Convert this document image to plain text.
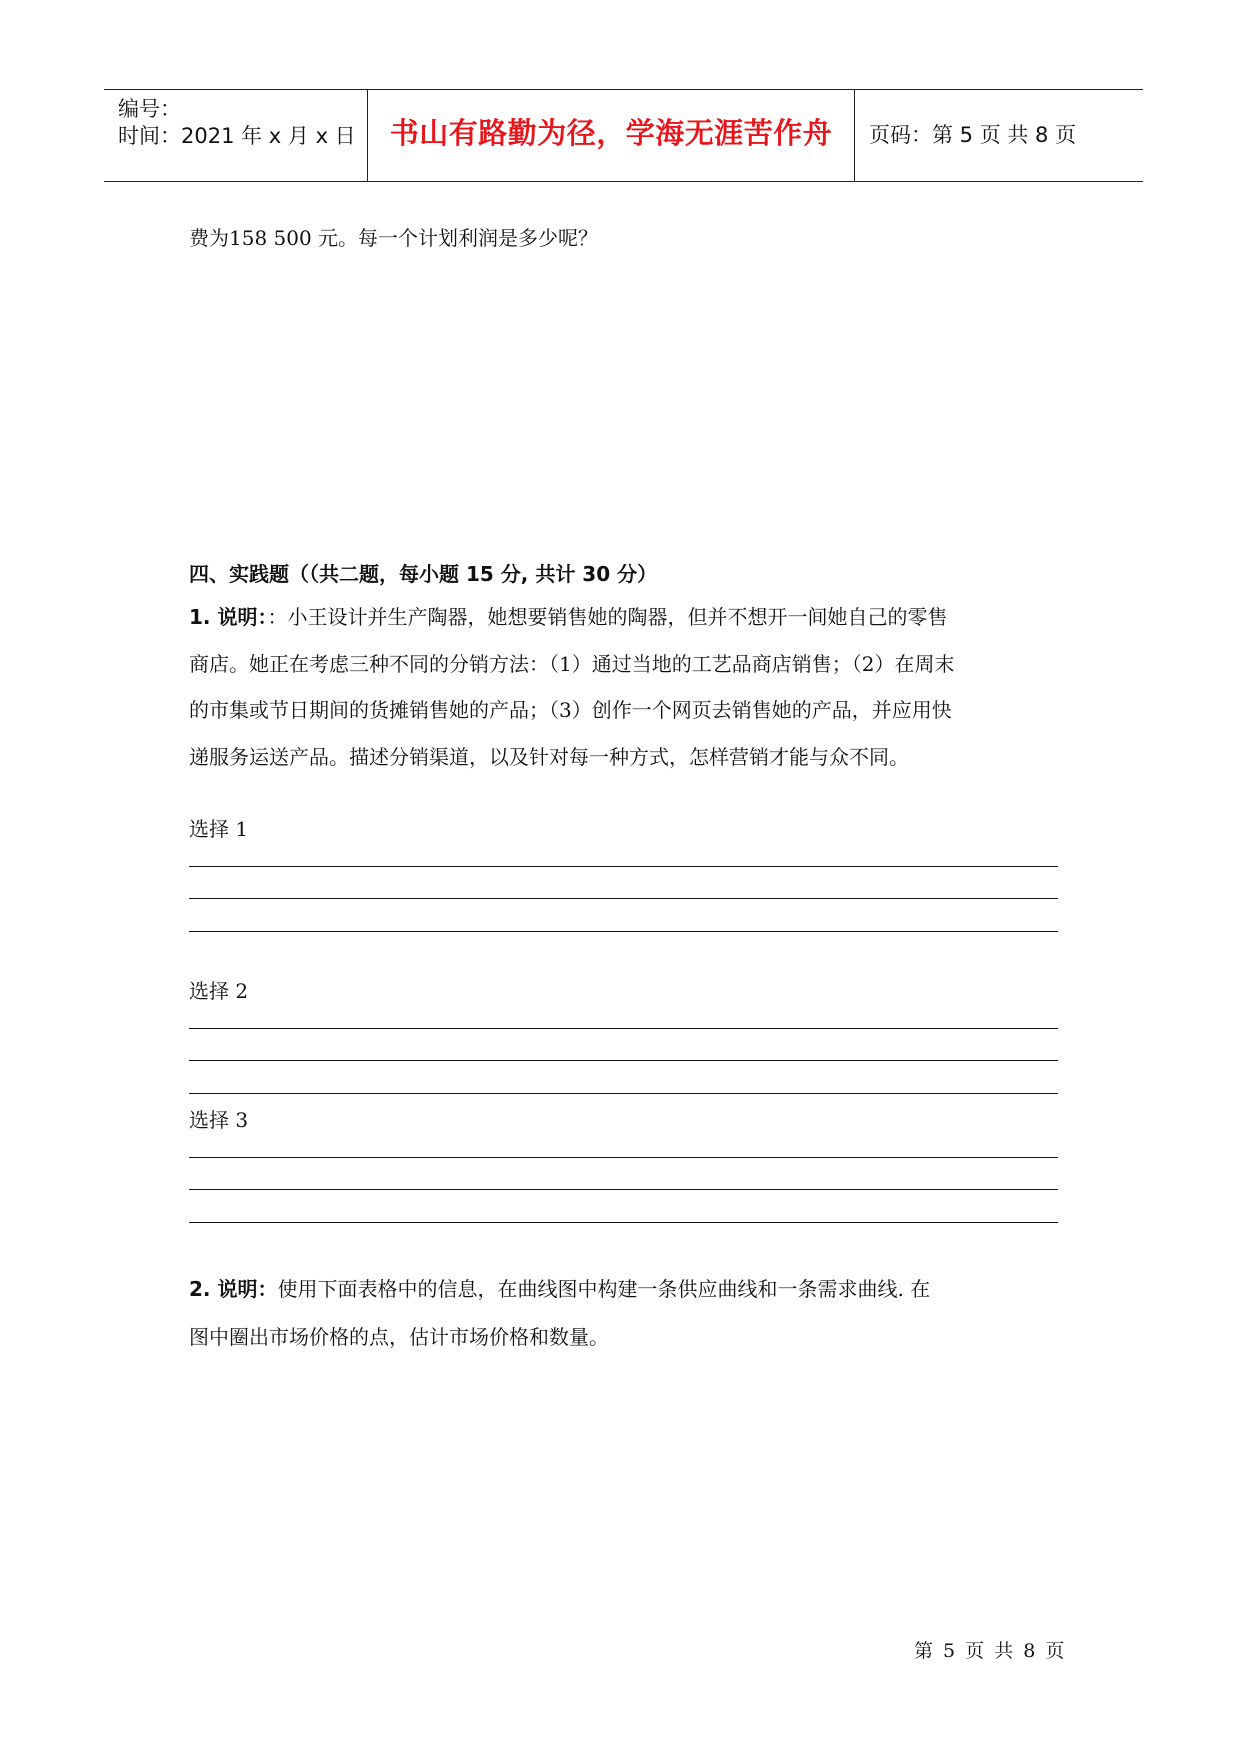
编号：
时间：2021 年 x 月 x 日 书山有路勤为径，学海无涯苦作舟 页码：第 5 页 共 8 页
费为158 500 元。每一个计划利润是多少呢？
四、实践题（（共二题，每小题 15 分, 共计 30 分）
1. 说明：：小王设计并生产陶器，她想要销售她的陶器，但并不想开一间她自己的零售
商店。她正在考虑三种不同的分销方法：（1）通过当地的工艺品商店销售；（2）在周末
的市集或节日期间的货摊销售她的产品；（3）创作一个网页去销售她的产品，并应用快
递服务运送产品。描述分销渠道，以及针对每一种方式，怎样营销才能与众不同。
选择 1
选择 2
选择 3
2. 说明：使用下面表格中的信息，在曲线图中构建一条供应曲线和一条需求曲线. 在
图中圈出市场价格的点，估计市场价格和数量。
第 5 页 共 8 页
